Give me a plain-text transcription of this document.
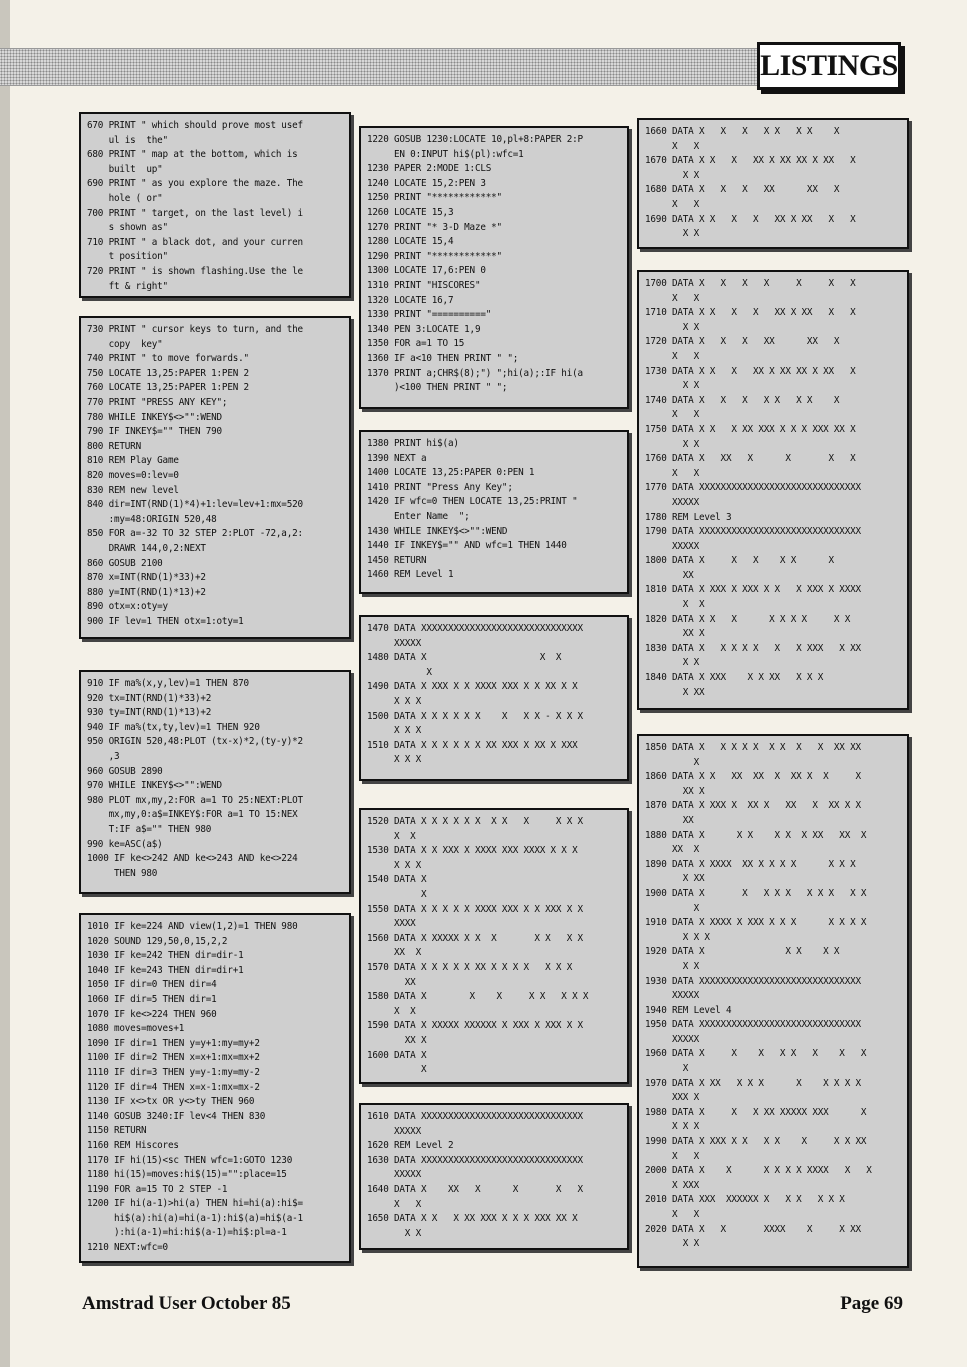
LISTINGS
670 PRINT " which should prove most usef
ul is  the"
680 PRINT " map at the bottom, which is
built  up"
690 PRINT " as you explore the maze. The
hole ( or"
700 PRINT " target, on the last level) i
s shown as"
710 PRINT " a black dot, and your curren
t position"
720 PRINT " is shown flashing.Use the le
ft & right"
730 PRINT " cursor keys to turn, and the
copy  key"
740 PRINT " to move forwards."
750 LOCATE 13,25:PAPER 1:PEN 2
760 LOCATE 13,25:PAPER 1:PEN 2
770 PRINT "PRESS ANY KEY";
780 WHILE INKEY$<>"":WEND
790 IF INKEY$="" THEN 790
800 RETURN
810 REM Play Game
820 moves=0:lev=0
830 REM new level
840 dir=INT(RND(1)*4)+1:lev=lev+1:mx=520
:my=48:ORIGIN 520,48
850 FOR a=-32 TO 32 STEP 2:PLOT -72,a,2:
DRAWR 144,0,2:NEXT
860 GOSUB 2100
870 x=INT(RND(1)*33)+2
880 y=INT(RND(1)*13)+2
890 otx=x:oty=y
900 IF lev=1 THEN otx=1:oty=1
910 IF ma%(x,y,lev)=1 THEN 870
920 tx=INT(RND(1)*33)+2
930 ty=INT(RND(1)*13)+2
940 IF ma%(tx,ty,lev)=1 THEN 920
950 ORIGIN 520,48:PLOT (tx-x)*2,(ty-y)*2
,3
960 GOSUB 2890
970 WHILE INKEY$<>"":WEND
980 PLOT mx,my,2:FOR a=1 TO 25:NEXT:PLOT
mx,my,0:a$=INKEY$:FOR a=1 TO 15:NEX
T:IF a$="" THEN 980
990 ke=ASC(a$)
1000 IF ke<>242 AND ke<>243 AND ke<>224
THEN 980
1010 IF ke=224 AND view(1,2)=1 THEN 980
1020 SOUND 129,50,0,15,2,2
1030 IF ke=242 THEN dir=dir-1
1040 IF ke=243 THEN dir=dir+1
1050 IF dir=0 THEN dir=4
1060 IF dir=5 THEN dir=1
1070 IF ke<>224 THEN 960
1080 moves=moves+1
1090 IF dir=1 THEN y=y+1:my=my+2
1100 IF dir=2 THEN x=x+1:mx=mx+2
1110 IF dir=3 THEN y=y-1:my=my-2
1120 IF dir=4 THEN x=x-1:mx=mx-2
1130 IF x<>tx OR y<>ty THEN 960
1140 GOSUB 3240:IF lev<4 THEN 830
1150 RETURN
1160 REM Hiscores
1170 IF hi(15)<sc THEN wfc=1:GOTO 1230
1180 hi(15)=moves:hi$(15)="":place=15
1190 FOR a=15 TO 2 STEP -1
1200 IF hi(a-1)>hi(a) THEN hi=hi(a):hi$=
hi$(a):hi(a)=hi(a-1):hi$(a)=hi$(a-1
):hi(a-1)=hi:hi$(a-1)=hi$:pl=a-1
1210 NEXT:wfc=0
1220 GOSUB 1230:LOCATE 10,pl+8:PAPER 2:P
EN 0:INPUT hi$(pl):wfc=1
1230 PAPER 2:MODE 1:CLS
1240 LOCATE 15,2:PEN 3
1250 PRINT "************"
1260 LOCATE 15,3
1270 PRINT "* 3-D Maze *"
1280 LOCATE 15,4
1290 PRINT "************"
1300 LOCATE 17,6:PEN 0
1310 PRINT "HISCORES"
1320 LOCATE 16,7
1330 PRINT "=========="
1340 PEN 3:LOCATE 1,9
1350 FOR a=1 TO 15
1360 IF a<10 THEN PRINT " ";
1370 PRINT a;CHR$(8);") ";hi(a);:IF hi(a
)<100 THEN PRINT " ";
1380 PRINT hi$(a)
1390 NEXT a
1400 LOCATE 13,25:PAPER 0:PEN 1
1410 PRINT "Press Any Key";
1420 IF wfc=0 THEN LOCATE 13,25:PRINT "
Enter Name  ";
1430 WHILE INKEY$<>"":WEND
1440 IF INKEY$="" AND wfc=1 THEN 1440
1450 RETURN
1460 REM Level 1
1470 DATA XXXXXXXXXXXXXXXXXXXXXXXXXXXXXX
XXXXX
1480 DATA X                     X  X
X
1490 DATA X XXX X X XXXX XXX X X XX X X
X X X
1500 DATA X X X X X X    X   X X - X X X
X X X
1510 DATA X X X X X X XX XXX X XX X XXX
X X X
1520 DATA X X X X X X  X X   X     X X X
X  X
1530 DATA X X XXX X XXXX XXX XXXX X X X
X X X
1540 DATA X
X
1550 DATA X X X X X XXXX XXX X X XXX X X
XXXX
1560 DATA X XXXXX X X  X       X X   X X
XX  X
1570 DATA X X X X X XX X X X X   X X X
XX
1580 DATA X        X    X     X X   X X X
X  X
1590 DATA X XXXXX XXXXXX X XXX X XXX X X
XX X
1600 DATA X
X
1610 DATA XXXXXXXXXXXXXXXXXXXXXXXXXXXXXX
XXXXX
1620 REM Level 2
1630 DATA XXXXXXXXXXXXXXXXXXXXXXXXXXXXXX
XXXXX
1640 DATA X    XX   X      X       X   X
X   X
1650 DATA X X   X XX XXX X X X XXX XX X
X X
1660 DATA X   X   X   X X   X X    X
X   X
1670 DATA X X   X   XX X XX XX X XX   X
X X
1680 DATA X   X   X   XX      XX   X
X   X
1690 DATA X X   X   X   XX X XX   X   X
X X
1700 DATA X   X   X   X     X     X   X
X   X
1710 DATA X X   X   X   XX X XX   X   X
X X
1720 DATA X   X   X   XX      XX   X
X   X
1730 DATA X X   X   XX X XX XX X XX   X
X X
1740 DATA X   X   X   X X   X X    X
X   X
1750 DATA X X   X XX XXX X X X XXX XX X
X X
1760 DATA X   XX   X      X       X   X
X   X
1770 DATA XXXXXXXXXXXXXXXXXXXXXXXXXXXXXX
XXXXX
1780 REM Level 3
1790 DATA XXXXXXXXXXXXXXXXXXXXXXXXXXXXXX
XXXXX
1800 DATA X     X   X    X X      X
XX
1810 DATA X XXX X XXX X X   X XXX X XXXX
X  X
1820 DATA X X   X      X X X X     X X
XX X
1830 DATA X   X X X X   X   X XXX   X XX
X X
1840 DATA X XXX    X X XX   X X X
X XX
1850 DATA X   X X X X  X X  X   X  XX XX
X
1860 DATA X X   XX  XX  X  XX X  X     X
XX X
1870 DATA X XXX X  XX X   XX   X  XX X X
XX
1880 DATA X      X X    X X  X XX   XX  X
XX  X
1890 DATA X XXXX  XX X X X X      X X X
X XX
1900 DATA X       X   X X X   X X X   X X
X
1910 DATA X XXXX X XXX X X X      X X X X
X X X
1920 DATA X               X X    X X
X X
1930 DATA XXXXXXXXXXXXXXXXXXXXXXXXXXXXXX
XXXXX
1940 REM Level 4
1950 DATA XXXXXXXXXXXXXXXXXXXXXXXXXXXXXX
XXXXX
1960 DATA X     X    X   X X   X    X   X
X
1970 DATA X XX   X X X      X    X X X X
XXX X
1980 DATA X     X   X XX XXXXX XXX      X
X X X
1990 DATA X XXX X X   X X    X     X X XX
X   X
2000 DATA X    X      X X X X XXXX   X   X
X XXX
2010 DATA XXX  XXXXXX X   X X   X X X
X   X
2020 DATA X   X       XXXX    X     X XX
X X
Amstrad User October 85	Page 69
